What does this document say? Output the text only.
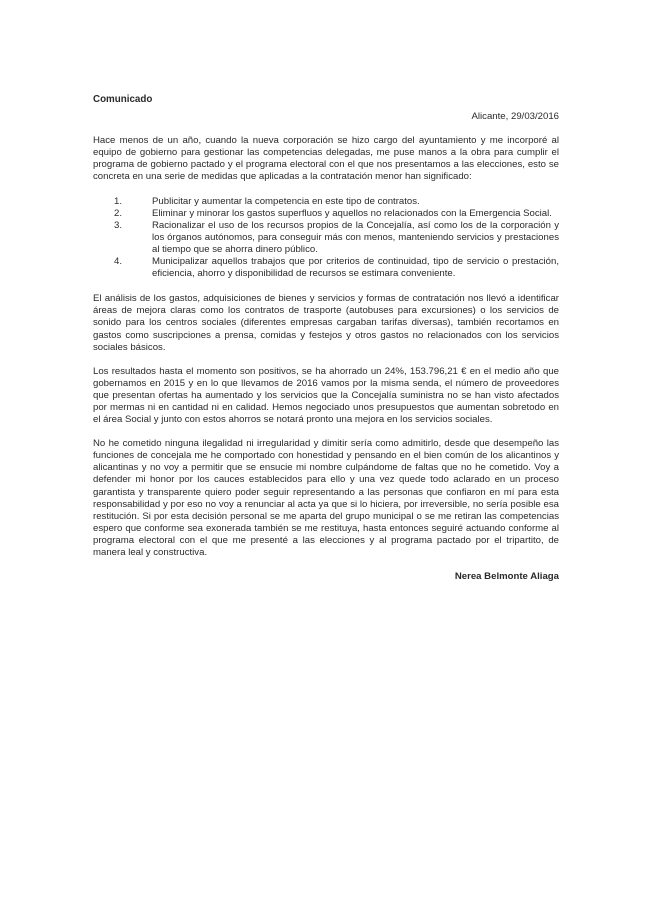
Comunicado
Alicante, 29/03/2016

Hace menos de un año, cuando la nueva corporación se hizo cargo del ayuntamiento y me incorporé al equipo de gobierno para gestionar las competencias delegadas, me puse manos a la obra para cumplir el programa de gobierno pactado y el programa electoral con el que nos presentamos a las elecciones, esto se concreta en una serie de medidas que aplicadas a la contratación menor han significado:

1.	Publicitar y aumentar la competencia en este tipo de contratos.
2.	Eliminar y minorar los gastos superfluos y aquellos no relacionados con la Emergencia Social.
3.	Racionalizar el uso de los recursos propios de la Concejalía, así como los de la corporación y los órganos autónomos, para conseguir más con menos, manteniendo servicios y prestaciones al tiempo que se ahorra dinero público.
4.	Municipalizar aquellos trabajos que por criterios de continuidad, tipo de servicio o prestación, eficiencia, ahorro y disponibilidad de recursos se estimara conveniente.

El análisis de los gastos, adquisiciones de bienes y servicios y formas de contratación nos llevó a identificar áreas de mejora claras como los contratos de trasporte (autobuses para excursiones) o los servicios de sonido para los centros sociales (diferentes empresas cargaban tarifas diversas), también recortamos en gastos como suscripciones a prensa, comidas y festejos y otros gastos no relacionados con los servicios sociales básicos.

Los resultados hasta el momento son positivos, se ha ahorrado un 24%, 153.796,21 € en el medio año que gobernamos en 2015 y en lo que llevamos de 2016 vamos por la misma senda, el número de proveedores que presentan ofertas ha aumentado y los servicios que la Concejalía suministra no se han visto afectados por mermas ni en cantidad ni en calidad. Hemos negociado unos presupuestos que aumentan sobretodo en el área Social y junto con estos ahorros se notará pronto una mejora en los servicios sociales.

No he cometido ninguna ilegalidad ni irregularidad y dimitir sería como admitirlo, desde que desempeño las funciones de concejala me he comportado con honestidad y pensando en el bien común de los alicantinos y alicantinas y no voy a permitir que se ensucie mi nombre culpándome de faltas que no he cometido. Voy a defender mi honor por los cauces establecidos para ello y una vez quede todo aclarado en un proceso garantista y transparente quiero poder seguir representando a las personas que confiaron en mí para esta responsabilidad y por eso no voy a renunciar al acta ya que si lo hiciera, por irreversible, no sería posible esa restitución. Si por esta decisión personal se me aparta del grupo municipal o se me retiran las competencias espero que conforme sea exonerada también se me restituya, hasta entonces seguiré actuando conforme al programa electoral con el que me presenté a las elecciones y al programa pactado por el tripartito, de manera leal y constructiva.

Nerea Belmonte Aliaga
